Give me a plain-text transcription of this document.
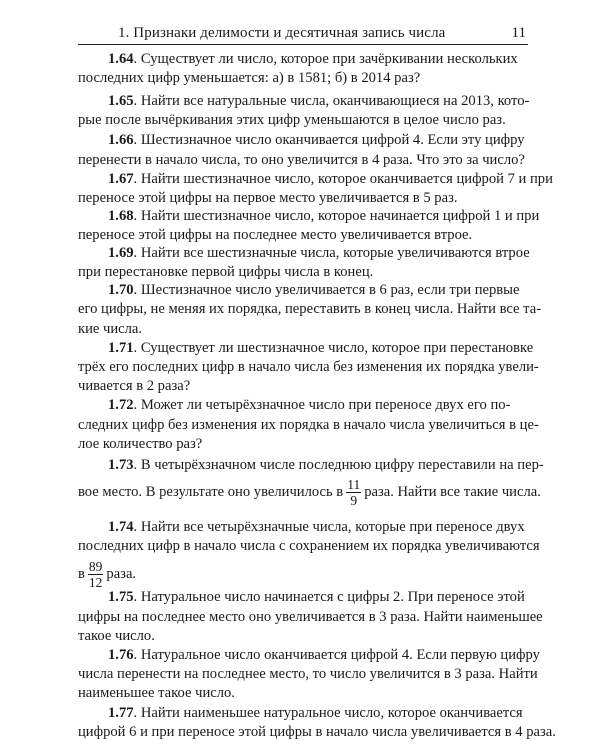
1. Признаки делимости и десятичная запись числа	11
1.64. Существует ли число, которое при зачёркивании нескольких
последних цифр уменьшается: а) в 1581; б) в 2014 раз?
1.65. Найти все натуральные числа, оканчивающиеся на 2013, кото-
рые после вычёркивания этих цифр уменьшаются в целое число раз.
1.66. Шестизначное число оканчивается цифрой 4. Если эту цифру
перенести в начало числа, то оно увеличится в 4 раза. Что это за число?
1.67. Найти шестизначное число, которое оканчивается цифрой 7 и при
переносе этой цифры на первое место увеличивается в 5 раз.
1.68. Найти шестизначное число, которое начинается цифрой 1 и при
переносе этой цифры на последнее место увеличивается втрое.
1.69. Найти все шестизначные числа, которые увеличиваются втрое
при перестановке первой цифры числа в конец.
1.70. Шестизначное число увеличивается в 6 раз, если три первые
его цифры, не меняя их порядка, переставить в конец числа. Найти все та-
кие числа.
1.71. Существует ли шестизначное число, которое при перестановке
трёх его последних цифр в начало числа без изменения их порядка увели-
чивается в 2 раза?
1.72. Может ли четырёхзначное число при переносе двух его по-
следних цифр без изменения их порядка в начало числа увеличиться в це-
лое количество раз?
1.73. В четырёхзначном числе последнюю цифру переставили на пер-
вое место. В результате оно увеличилось в $\frac{11}{9}$ раза. Найти все такие числа.
1.74. Найти все четырёхзначные числа, которые при переносе двух
последних цифр в начало числа с сохранением их порядка увеличиваются
в $\frac{89}{12}$ раза.
1.75. Натуральное число начинается с цифры 2. При переносе этой
цифры на последнее место оно увеличивается в 3 раза. Найти наименьшее
такое число.
1.76. Натуральное число оканчивается цифрой 4. Если первую цифру
числа перенести на последнее место, то число увеличится в 3 раза. Найти
наименьшее такое число.
1.77. Найти наименьшее натуральное число, которое оканчивается
цифрой 6 и при переносе этой цифры в начало числа увеличивается в 4 раза.
